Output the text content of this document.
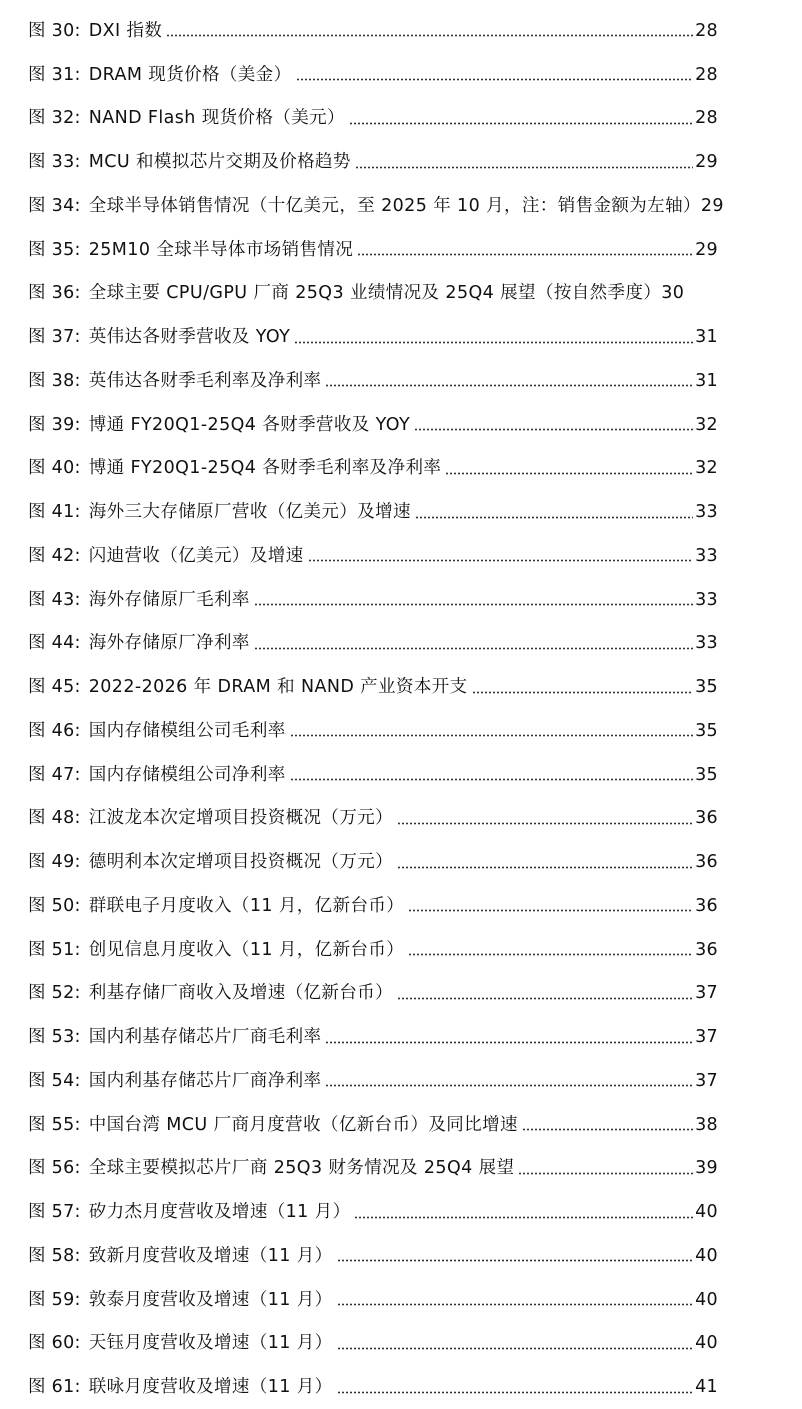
图 30: DXI 指数	28
图 31: DRAM 现货价格（美金）	28
图 32: NAND Flash 现货价格（美元）	28
图 33: MCU 和模拟芯片交期及价格趋势	29
图 34: 全球半导体销售情况（十亿美元，至 2025 年 10 月，注：销售金额为左轴） 29
图 35: 25M10 全球半导体市场销售情况	29
图 36: 全球主要 CPU/GPU 厂商 25Q3 业绩情况及 25Q4 展望（按自然季度） 30
图 37: 英伟达各财季营收及 YOY	31
图 38: 英伟达各财季毛利率及净利率	31
图 39: 博通 FY20Q1-25Q4 各财季营收及 YOY	32
图 40: 博通 FY20Q1-25Q4 各财季毛利率及净利率	32
图 41: 海外三大存储原厂营收（亿美元）及增速	33
图 42: 闪迪营收（亿美元）及增速	33
图 43: 海外存储原厂毛利率	33
图 44: 海外存储原厂净利率	33
图 45: 2022-2026 年 DRAM 和 NAND 产业资本开支	35
图 46: 国内存储模组公司毛利率	35
图 47: 国内存储模组公司净利率	35
图 48: 江波龙本次定增项目投资概况（万元）	36
图 49: 德明利本次定增项目投资概况（万元）	36
图 50: 群联电子月度收入（11 月，亿新台币）	36
图 51: 创见信息月度收入（11 月，亿新台币）	36
图 52: 利基存储厂商收入及增速（亿新台币）	37
图 53: 国内利基存储芯片厂商毛利率	37
图 54: 国内利基存储芯片厂商净利率	37
图 55: 中国台湾 MCU 厂商月度营收（亿新台币）及同比增速	38
图 56: 全球主要模拟芯片厂商 25Q3 财务情况及 25Q4 展望	39
图 57: 矽力杰月度营收及增速（11 月）	40
图 58: 致新月度营收及增速（11 月）	40
图 59: 敦泰月度营收及增速（11 月）	40
图 60: 天钰月度营收及增速（11 月）	40
图 61: 联咏月度营收及增速（11 月）	41
